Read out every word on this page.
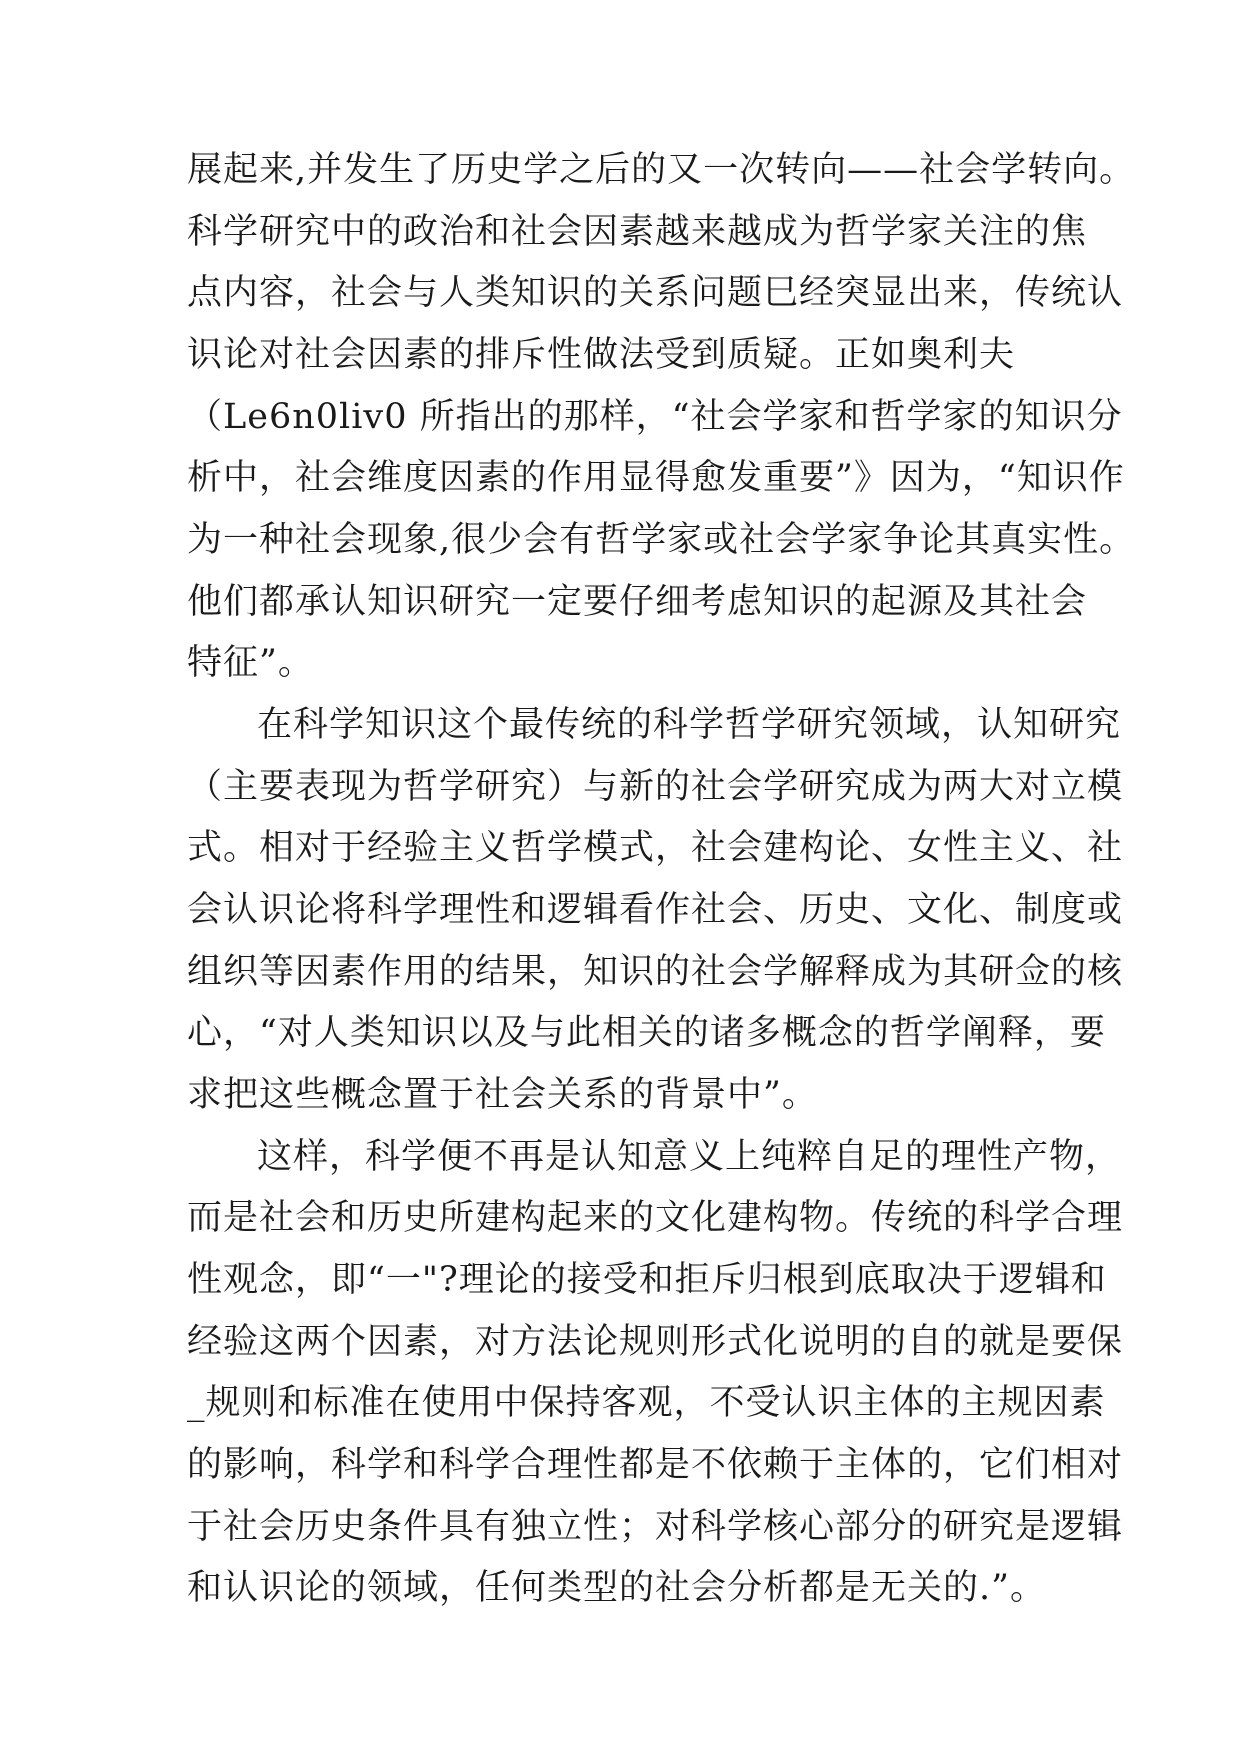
展起来,并发生了历史学之后的又一次转向——社会学转向。
科学研究中的政治和社会因素越来越成为哲学家关注的焦
点内容，社会与人类知识的关系问题巳经突显出来，传统认
识论对社会因素的排斥性做法受到质疑。正如奥利夫
（Le6n0liv0 所指出的那样，“社会学家和哲学家的知识分
析中，社会维度因素的作用显得愈发重要”》因为，“知识作
为一种社会现象,很少会有哲学家或社会学家争论其真实性。
他们都承认知识研究一定要仔细考虑知识的起源及其社会
特征”。
在科学知识这个最传统的科学哲学研究领域，认知研究
（主要表现为哲学研究）与新的社会学研究成为两大对立模
式。相对于经验主义哲学模式，社会建构论、女性主义、社
会认识论将科学理性和逻辑看作社会、历史、文化、制度或
组织等因素作用的结果，知识的社会学解释成为其研佥的核
心，“对人类知识以及与此相关的诸多概念的哲学阐释，要
求把这些概念置于社会关系的背景中”。
这样，科学便不再是认知意义上纯粹自足的理性产物，
而是社会和历史所建构起来的文化建构物。传统的科学合理
性观念，即“一"?理论的接受和拒斥归根到底取决于逻辑和
经验这两个因素，对方法论规则形式化说明的自的就是要保
_规则和标准在使用中保持客观，不受认识主体的主规因素
的影响，科学和科学合理性都是不依赖于主体的，它们相对
于社会历史条件具有独立性；对科学核心部分的研究是逻辑
和认识论的领域，任何类型的社会分析都是无关的.”。
